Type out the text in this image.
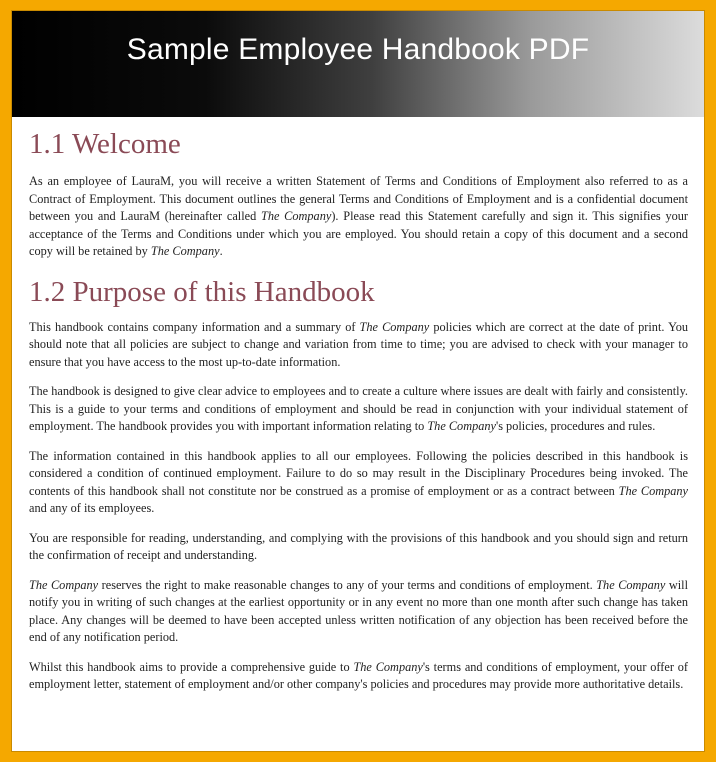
Sample Employee Handbook PDF
1.1 Welcome

As an employee of LauraM, you will receive a written Statement of Terms and Conditions of Employment also referred to as a Contract of Employment. This document outlines the general Terms and Conditions of Employment and is a confidential document between you and LauraM (hereinafter called The Company). Please read this Statement carefully and sign it. This signifies your acceptance of the Terms and Conditions under which you are employed. You should retain a copy of this document and a second copy will be retained by The Company.

1.2 Purpose of this Handbook

This handbook contains company information and a summary of The Company policies which are correct at the date of print. You should note that all policies are subject to change and variation from time to time; you are advised to check with your manager to ensure that you have access to the most up-to-date information.

The handbook is designed to give clear advice to employees and to create a culture where issues are dealt with fairly and consistently. This is a guide to your terms and conditions of employment and should be read in conjunction with your individual statement of employment. The handbook provides you with important information relating to The Company's policies, procedures and rules.

The information contained in this handbook applies to all our employees. Following the policies described in this handbook is considered a condition of continued employment. Failure to do so may result in the Disciplinary Procedures being invoked. The contents of this handbook shall not constitute nor be construed as a promise of employment or as a contract between The Company and any of its employees.

You are responsible for reading, understanding, and complying with the provisions of this handbook and you should sign and return the confirmation of receipt and understanding.

The Company reserves the right to make reasonable changes to any of your terms and conditions of employment. The Company will notify you in writing of such changes at the earliest opportunity or in any event no more than one month after such change has taken place. Any changes will be deemed to have been accepted unless written notification of any objection has been received before the end of any notification period.

Whilst this handbook aims to provide a comprehensive guide to The Company's terms and conditions of employment, your offer of employment letter, statement of employment and/or other company's policies and procedures may provide more authoritative details.
